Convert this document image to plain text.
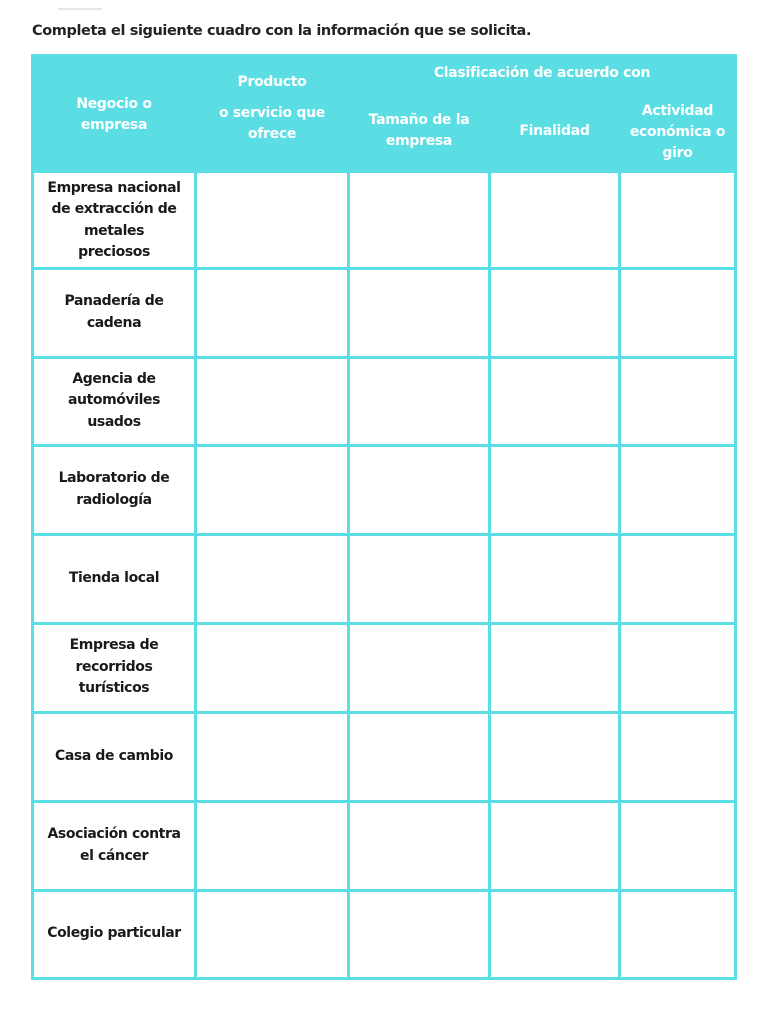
Completa el siguiente cuadro con la información que se solicita.
Negocio o
empresa
Producto
o servicio que
ofrece
Clasificación de acuerdo con
Tamaño de la
empresa
Finalidad
Actividad
económica o
giro
Empresa nacional
de extracción de
metales
preciosos
Panadería de
cadena
Agencia de
automóviles
usados
Laboratorio de
radiología
Tienda local
Empresa de
recorridos
turísticos
Casa de cambio
Asociación contra
el cáncer
Colegio particular
